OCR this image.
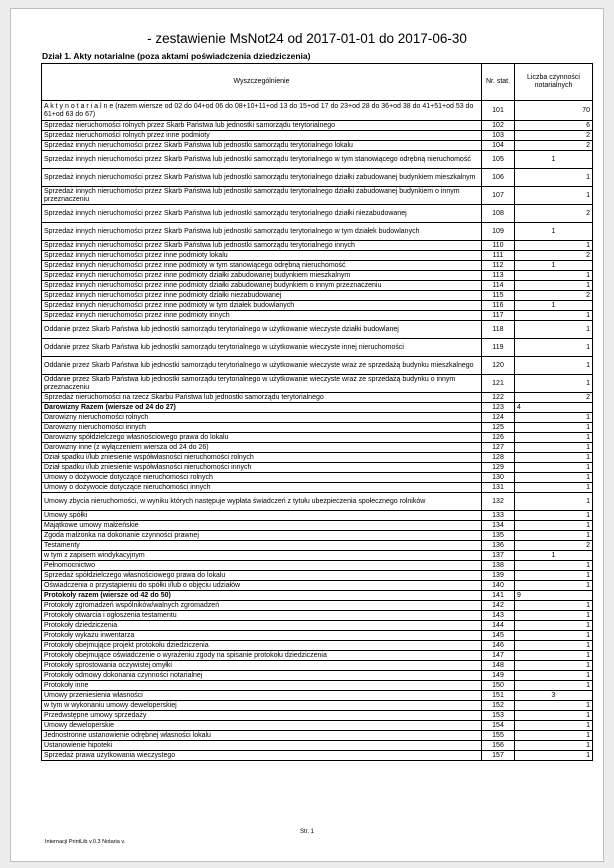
- zestawienie MsNot24 od 2017-01-01 do 2017-06-30
Dział 1. Akty notarialne (poza aktami poświadczenia dziedziczenia)
Wyszczególnienie	Nr. stat.	Liczba czynności notarialnych
A k t y n o t a r i a l n e (razem wiersze od 02 do 04+od 06 do 08+10+11+od 13 do 15+od 17 do 23+od 28 do 36+od 38 do 41+51+od 53 do 61+od 63 do 67)	101	70
Sprzedaż nieruchomości rolnych przez Skarb Państwa lub jednostki samorządu terytorialnego	102	6
Sprzedaż nieruchomości rolnych przez inne podmioty	103	2
Sprzedaż innych nieruchomości przez Skarb Państwa lub jednostki samorządu terytorialnego lokalu	104	2
Sprzedaż innych nieruchomości przez Skarb Państwa lub jednostki samorządu terytorialnego w tym stanowiącego odrębną nieruchomość	105	1
Sprzedaż innych nieruchomości przez Skarb Państwa lub jednostki samorządu terytorialnego działki zabudowanej budynkiem mieszkalnym	106	1
Sprzedaż innych nieruchomości przez Skarb Państwa lub jednostki samorządu terytorialnego działki zabudowanej budynkiem o innym przeznaczeniu	107	1
Sprzedaż innych nieruchomości przez Skarb Państwa lub jednostki samorządu terytorialnego działki niezabudowanej	108	2
Sprzedaż innych nieruchomości przez Skarb Państwa lub jednostki samorządu terytorialnego w tym działek budowlanych	109	1
Sprzedaż innych nieruchomości przez Skarb Państwa lub jednostki samorządu terytorialnego innych	110	1
Sprzedaż innych nieruchomości przez inne podmioty lokalu	111	2
Sprzedaż innych nieruchomości przez inne podmioty w tym stanowiącego odrębną nieruchomość	112	1
Sprzedaż innych nieruchomości przez inne podmioty działki zabudowanej budynkiem mieszkalnym	113	1
Sprzedaż innych nieruchomości przez inne podmioty działki zabudowanej budynkiem o innym przeznaczeniu	114	1
Sprzedaż innych nieruchomości przez inne podmioty działki niezabudowanej	115	2
Sprzedaż innych nieruchomości przez inne podmioty w tym działek budowlanych	116	1
Sprzedaż innych nieruchomości przez inne podmioty innych	117	1
Oddanie przez Skarb Państwa lub jednostki samorządu terytorialnego w użytkowanie wieczyste działki budowlanej	118	1
Oddanie przez Skarb Państwa lub jednostki samorządu terytorialnego w użytkowanie wieczyste innej nieruchomości	119	1
Oddanie przez Skarb Państwa lub jednostki samorządu terytorialnego w użytkowanie wieczyste wraz ze sprzedażą budynku mieszkalnego	120	1
Oddanie przez Skarb Państwa lub jednostki samorządu terytorialnego w użytkowanie wieczyste wraz ze sprzedażą budynku o innym przeznaczeniu	121	1
Sprzedaż nieruchomości na rzecz Skarbu Państwa lub jednostki samorządu terytorialnego	122	2
Darowizny Razem (wiersze od 24 do 27)	123	4
Darowizny nieruchomości rolnych	124	1
Darowizny nieruchomości innych	125	1
Darowizny spółdzielczego własnościowego prawa do lokalu	126	1
Darowizny inne (z wyłączeniem wiersza od 24 do 26)	127	1
Dział spadku i/lub zniesienie współwłasności nieruchomości rolnych	128	1
Dział spadku i/lub zniesienie współwłasności nieruchomości innych	129	1
Umowy o dożywocie dotyczące nieruchomości rolnych	130	1
Umowy o dożywocie dotyczące nieruchomości innych	131	1
Umowy zbycia nieruchomości, w wyniku których następuje wypłata świadczeń z tytułu ubezpieczenia społecznego rolników	132	1
Umowy spółki	133	1
Majątkowe umowy małżeńskie	134	1
Zgoda małżonka na dokonanie czynności prawnej	135	1
Testamenty	136	2
w tym z zapisem windykacyjnym	137	1
Pełnomocnictwo	138	1
Sprzedaż spółdzielczego własnościowego prawa do lokalu	139	1
Oświadczenia o przystąpieniu do spółki i/lub o objęciu udziałów	140	1
Protokoły razem (wiersze od 42 do 50)	141	9
Protokoły zgromadzeń wspólników/walnych zgromadzeń	142	1
Protokoły otwarcia i ogłoszenia testamentu	143	1
Protokoły dziedziczenia	144	1
Protokoły wykazu inwentarza	145	1
Protokoły obejmujące projekt protokołu dziedziczenia	146	1
Protokoły obejmujące oświadczenie o wyrażeniu zgody na spisanie protokołu dziedziczenia	147	1
Protokoły sprostowania oczywistej omyłki	148	1
Protokoły odmowy dokonania czynności notarialnej	149	1
Protokoły inne	150	1
Umowy przeniesienia własności	151	3
w tym w wykonaniu umowy deweloperskiej	152	1
Przedwstępne umowy sprzedaży	153	1
Umowy deweloperskie	154	1
Jednostronne ustanowienie odrębnej własności lokalu	155	1
Ustanowienie hipoteki	156	1
Sprzedaż prawa użytkowania wieczystego	157	1
Str. 1
Internacji PrintLib v.0.3 Notaria v.
